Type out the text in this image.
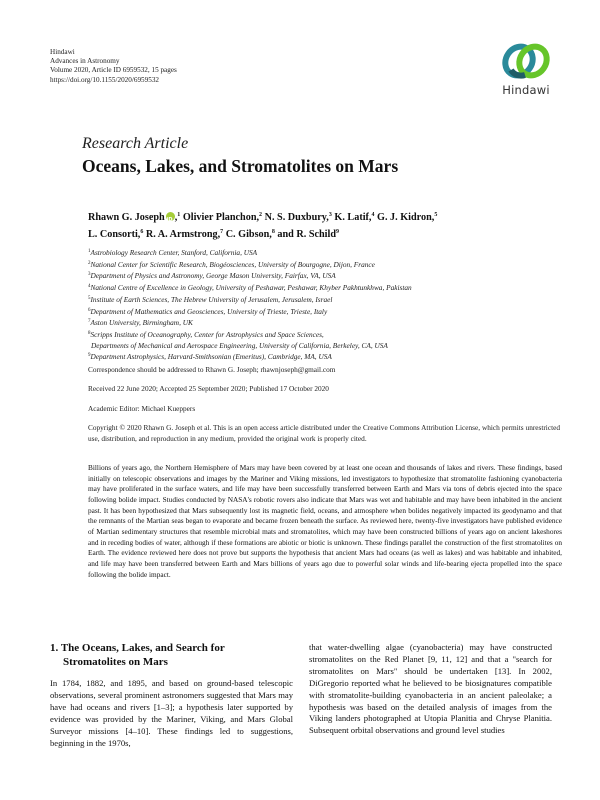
Hindawi
Advances in Astronomy
Volume 2020, Article ID 6959532, 15 pages
https://doi.org/10.1155/2020/6959532
Hindawi
Research Article
Oceans, Lakes, and Stromatolites on Mars
Rhawn G. Joseph iD ,$^1$ Olivier Planchon,$^2$ N. S. Duxbury,$^3$ K. Latif,$^4$ G. J. Kidron,$^5$
L. Consorti,$^6$ R. A. Armstrong,$^7$ C. Gibson,$^8$ and R. Schild$^9$
$^1$Astrobiology Research Center, Stanford, California, USA
$^2$National Center for Scientific Research, Biogéosciences, University of Bourgogne, Dijon, France
$^3$Department of Physics and Astronomy, George Mason University, Fairfax, VA, USA
$^4$National Centre of Excellence in Geology, University of Peshawar, Peshawar, Khyber Pakhtunkhwa, Pakistan
$^5$Institute of Earth Sciences, The Hebrew University of Jerusalem, Jerusalem, Israel
$^6$Department of Mathematics and Geosciences, University of Trieste, Trieste, Italy
$^7$Aston University, Birmingham, UK
$^8$Scripps Institute of Oceanography, Center for Astrophysics and Space Sciences,
Departments of Mechanical and Aerospace Engineering, University of California, Berkeley, CA, USA
$^9$Department Astrophysics, Harvard-Smithsonian (Emeritus), Cambridge, MA, USA
Correspondence should be addressed to Rhawn G. Joseph; rhawnjoseph@gmail.com
Received 22 June 2020; Accepted 25 September 2020; Published 17 October 2020
Academic Editor: Michael Kueppers
Copyright © 2020 Rhawn G. Joseph et al. This is an open access article distributed under the Creative Commons Attribution License, which permits unrestricted use, distribution, and reproduction in any medium, provided the original work is properly cited.
Billions of years ago, the Northern Hemisphere of Mars may have been covered by at least one ocean and thousands of lakes and rivers. These findings, based initially on telescopic observations and images by the Mariner and Viking missions, led investigators to hypothesize that stromatolite fashioning cyanobacteria may have proliferated in the surface waters, and life may have been successfully transferred between Earth and Mars via tons of debris ejected into the space following bolide impact. Studies conducted by NASA's robotic rovers also indicate that Mars was wet and habitable and may have been inhabited in the ancient past. It has been hypothesized that Mars subsequently lost its magnetic field, oceans, and atmosphere when bolides negatively impacted its geodynamo and that the remnants of the Martian seas began to evaporate and became frozen beneath the surface. As reviewed here, twenty-five investigators have published evidence of Martian sedimentary structures that resemble microbial mats and stromatolites, which may have been constructed billions of years ago on ancient lakeshores and in receding bodies of water, although if these formations are abiotic or biotic is unknown. These findings parallel the construction of the first stromatolites on Earth. The evidence reviewed here does not prove but supports the hypothesis that ancient Mars had oceans (as well as lakes) and was habitable and inhabited, and life may have been transferred between Earth and Mars billions of years ago due to powerful solar winds and life-bearing ejecta propelled into the space following the bolide impact.
1. The Oceans, Lakes, and Search for
Stromatolites on Mars
In 1784, 1882, and 1895, and based on ground-based telescopic observations, several prominent astronomers suggested that Mars may have had oceans and rivers [1–3]; a hypothesis later supported by evidence was provided by the Mariner, Viking, and Mars Global Surveyor missions [4–10]. These findings led to suggestions, beginning in the 1970s,
that water-dwelling algae (cyanobacteria) may have constructed stromatolites on the Red Planet [9, 11, 12] and that a "search for stromatolites on Mars" should be undertaken [13]. In 2002, DiGregorio reported what he believed to be biosignatures compatible with stromatolite-building cyanobacteria in an ancient paleolake; a hypothesis was based on the detailed analysis of images from the Viking landers photographed at Utopia Planitia and Chryse Planitia. Subsequent orbital observations and ground level studies
